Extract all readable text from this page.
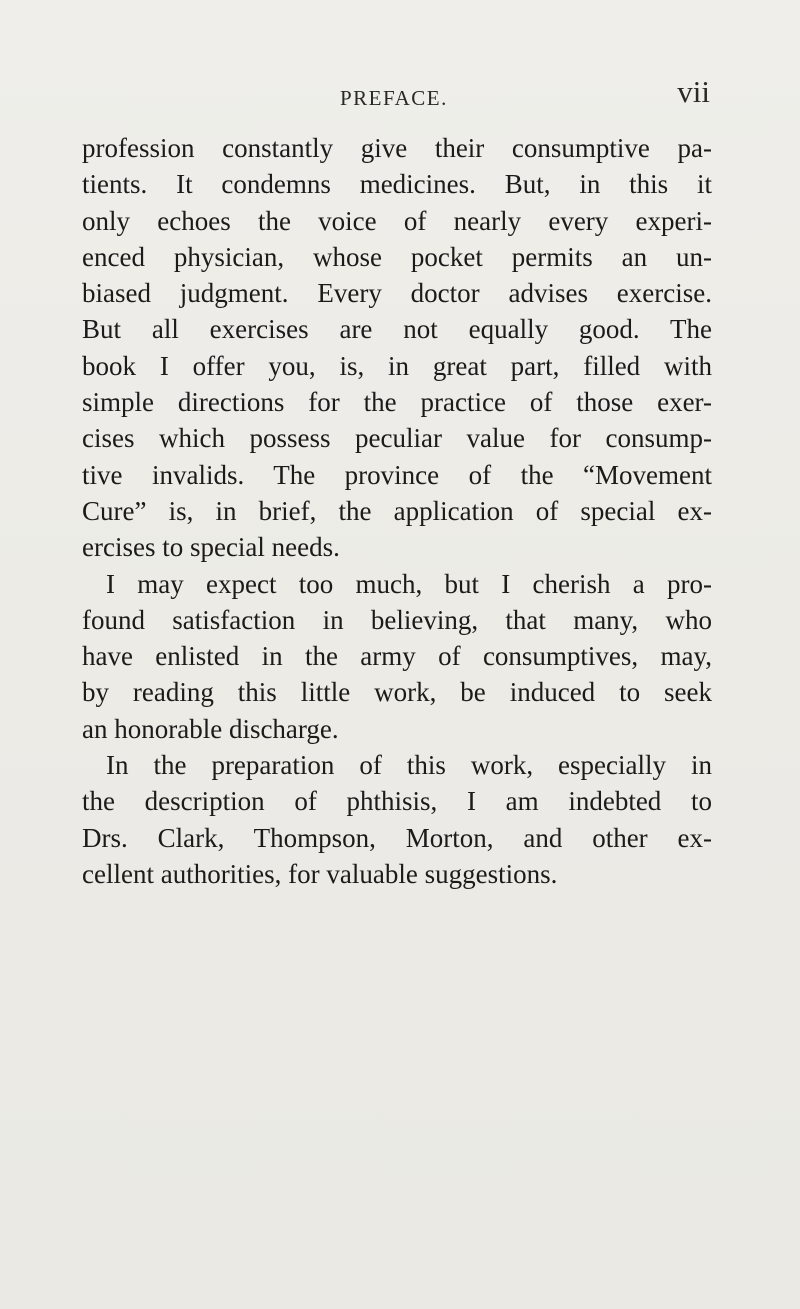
PREFACE.	vii
profession constantly give their consumptive pa-
tients. It condemns medicines. But, in this it
only echoes the voice of nearly every experi-
enced physician, whose pocket permits an un-
biased judgment. Every doctor advises exercise.
But all exercises are not equally good. The
book I offer you, is, in great part, filled with
simple directions for the practice of those exer-
cises which possess peculiar value for consump-
tive invalids. The province of the “Movement
Cure” is, in brief, the application of special ex-
ercises to special needs.
I may expect too much, but I cherish a pro-
found satisfaction in believing, that many, who
have enlisted in the army of consumptives, may,
by reading this little work, be induced to seek
an honorable discharge.
In the preparation of this work, especially in
the description of phthisis, I am indebted to
Drs. Clark, Thompson, Morton, and other ex-
cellent authorities, for valuable suggestions.
